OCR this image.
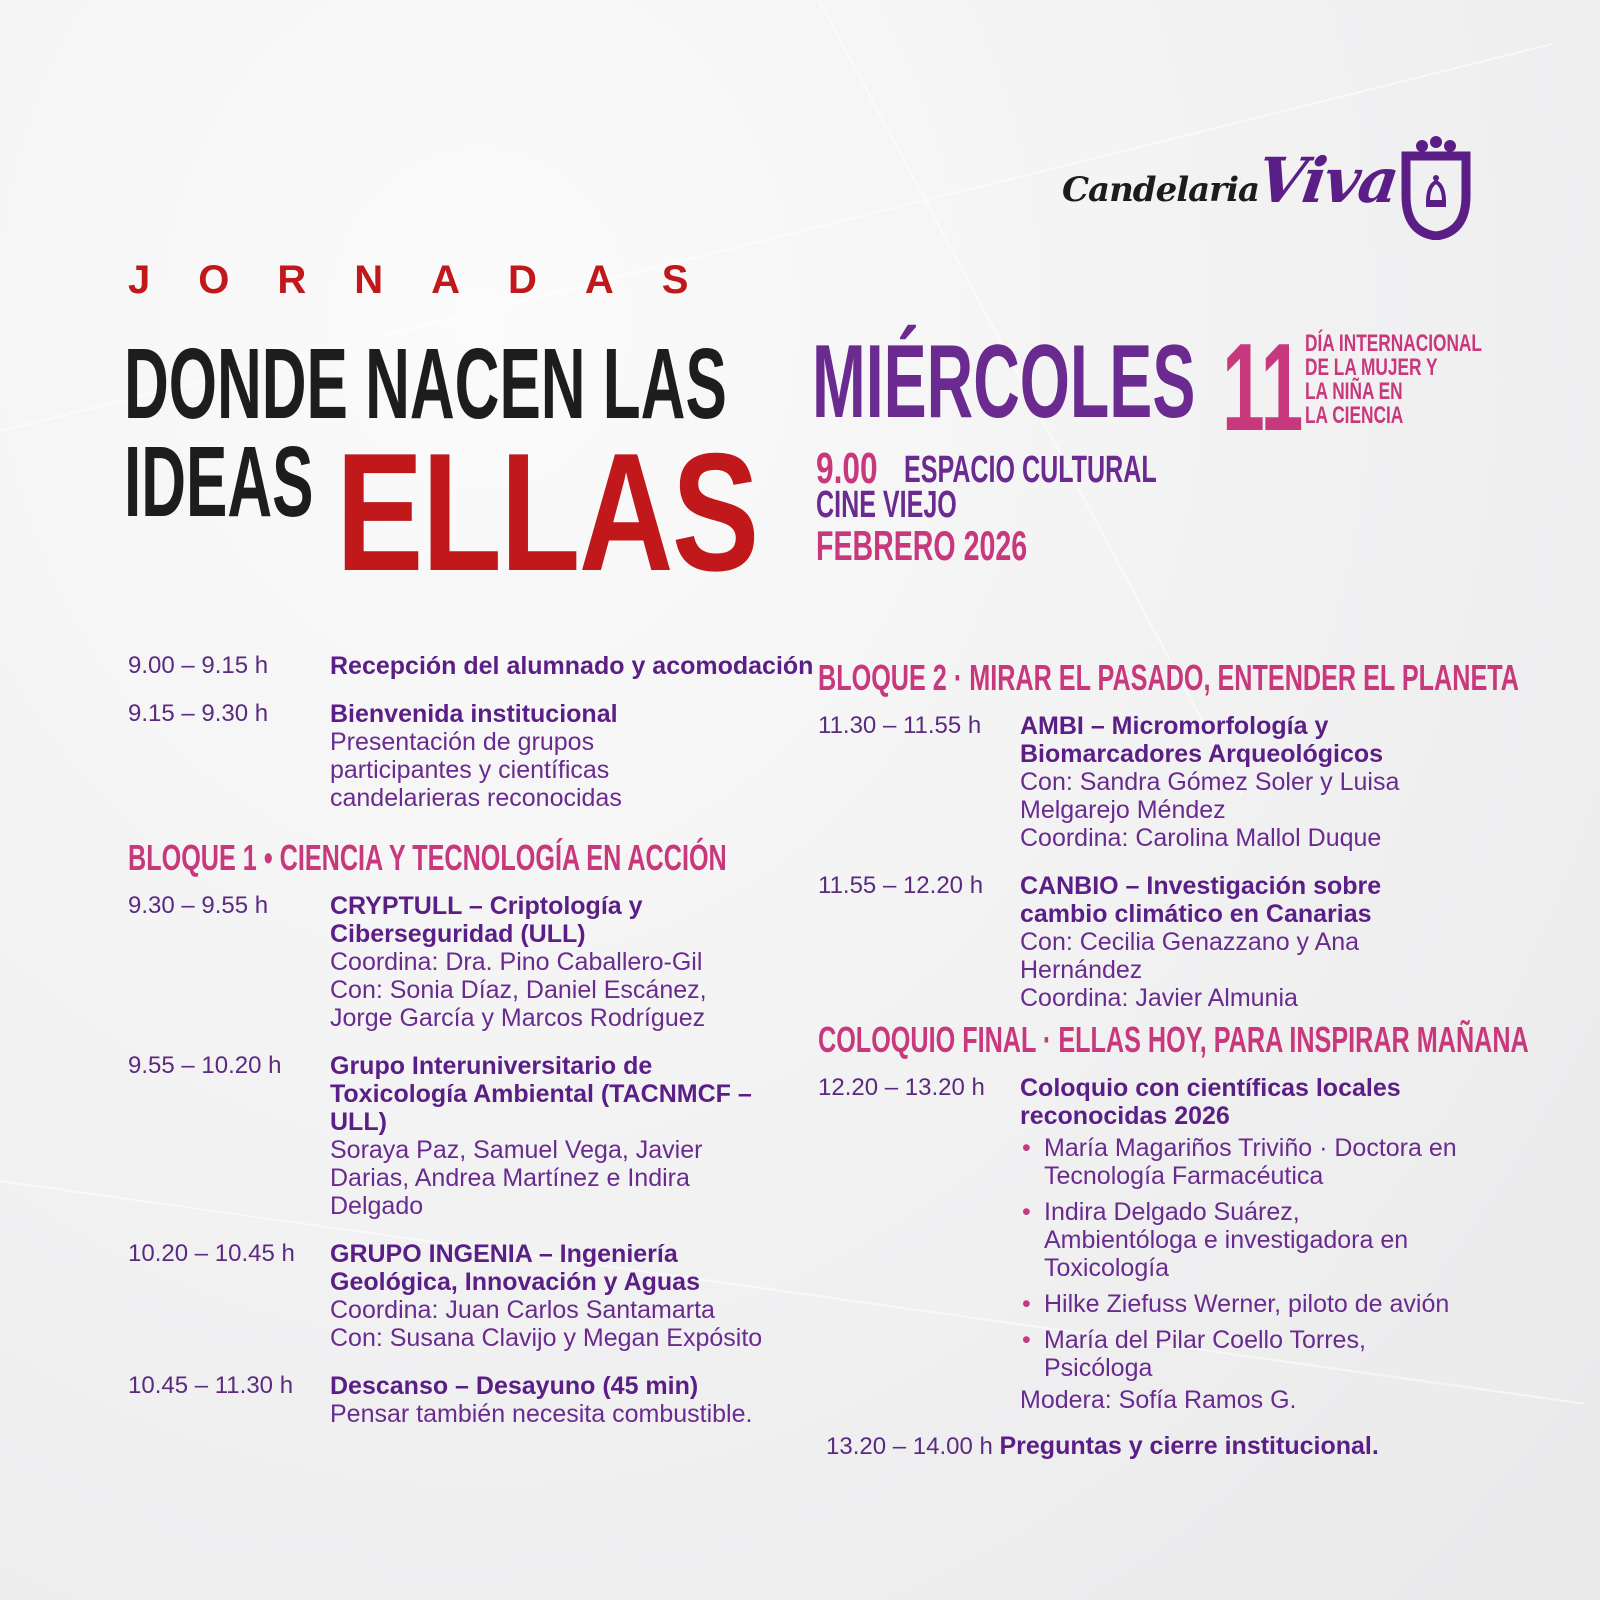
Candelaria
Viva
JORNADAS
DONDE NACEN LAS
IDEAS ELLAS
MIÉRCOLES 11 DÍA INTERNACIONAL
DE LA MUJER Y
LA NIÑA EN
LA CIENCIA
9.00 ESPACIO CULTURAL
CINE VIEJO
FEBRERO 2026
9.00 – 9.15 h	Recepción del alumnado y acomodación
9.15 – 9.30 h	Bienvenida institucional
Presentación de grupos participantes y científicas candelarieras reconocidas
BLOQUE 1 • CIENCIA Y TECNOLOGÍA EN ACCIÓN
9.30 – 9.55 h	CRYPTULL – Criptología y Ciberseguridad (ULL)
Coordina: Dra. Pino Caballero-Gil
Con: Sonia Díaz, Daniel Escánez, Jorge García y Marcos Rodríguez
9.55 – 10.20 h	Grupo Interuniversitario de Toxicología Ambiental (TACNMCF – ULL)
Soraya Paz, Samuel Vega, Javier Darias, Andrea Martínez e Indira Delgado
10.20 – 10.45 h	GRUPO INGENIA – Ingeniería Geológica, Innovación y Aguas
Coordina: Juan Carlos Santamarta
Con: Susana Clavijo y Megan Expósito
10.45 – 11.30 h	Descanso – Desayuno (45 min)
Pensar también necesita combustible.
BLOQUE 2 · MIRAR EL PASADO, ENTENDER EL PLANETA
11.30 – 11.55 h	AMBI – Micromorfología y Biomarcadores Arqueológicos
Con: Sandra Gómez Soler y Luisa Melgarejo Méndez
Coordina: Carolina Mallol Duque
11.55 – 12.20 h	CANBIO – Investigación sobre cambio climático en Canarias
Con: Cecilia Genazzano y Ana Hernández
Coordina: Javier Almunia
COLOQUIO FINAL · ELLAS HOY, PARA INSPIRAR MAÑANA
12.20 – 13.20 h	Coloquio con científicas locales reconocidas 2026
• María Magariños Triviño · Doctora en Tecnología Farmacéutica
• Indira Delgado Suárez, Ambientóloga e investigadora en Toxicología
• Hilke Ziefuss Werner, piloto de avión
• María del Pilar Coello Torres, Psicóloga
Modera: Sofía Ramos G.
13.20 – 14.00 h Preguntas y cierre institucional.
